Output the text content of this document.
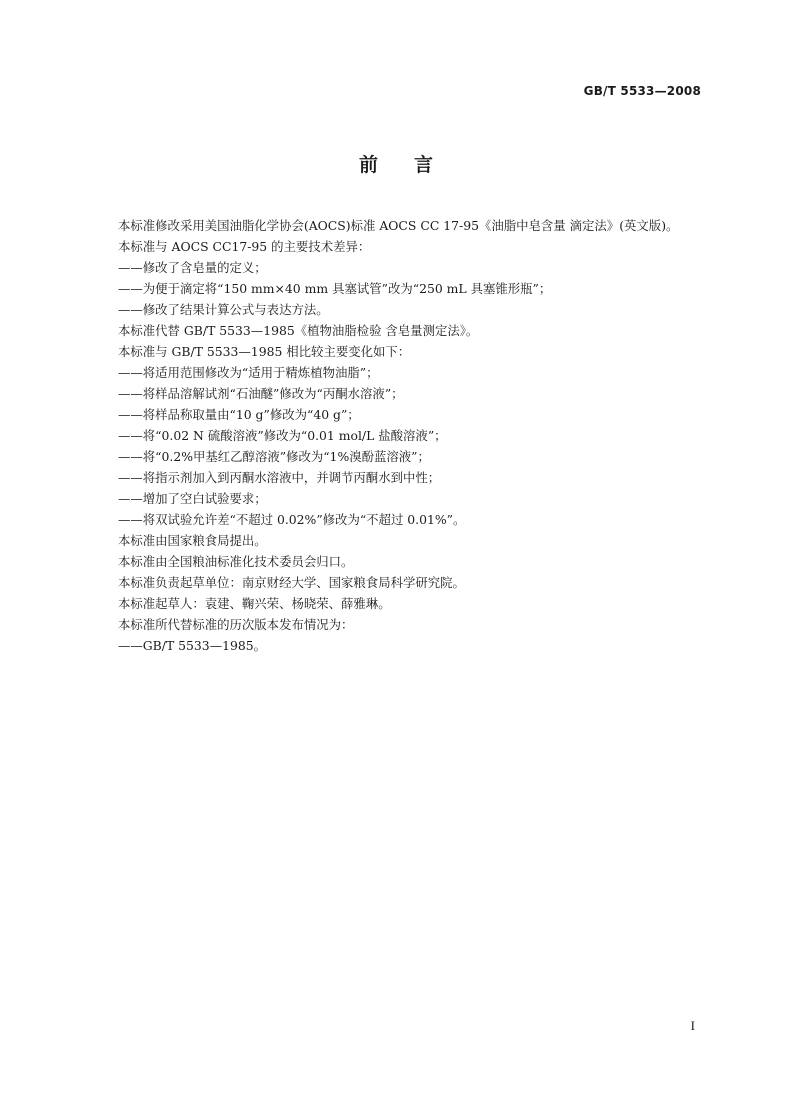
GB/T 5533—2008
前言

本标准修改采用美国油脂化学协会(AOCS)标准 AOCS CC 17-95《油脂中皂含量 滴定法》(英文版)。

本标准与 AOCS CC17-95 的主要技术差异：

——修改了含皂量的定义；

——为便于滴定将“150 mm×40 mm 具塞试管”改为“250 mL 具塞锥形瓶”；

——修改了结果计算公式与表达方法。

本标准代替 GB/T 5533—1985《植物油脂检验 含皂量测定法》。

本标准与 GB/T 5533—1985 相比较主要变化如下：

——将适用范围修改为“适用于精炼植物油脂”；

——将样品溶解试剂“石油醚”修改为“丙酮水溶液”；

——将样品称取量由“10 g”修改为“40 g”；

——将“0.02 N 硫酸溶液”修改为“0.01 mol/L 盐酸溶液”；

——将“0.2%甲基红乙醇溶液”修改为“1%溴酚蓝溶液”；

——将指示剂加入到丙酮水溶液中，并调节丙酮水到中性；

——增加了空白试验要求；

——将双试验允许差“不超过 0.02%”修改为“不超过 0.01%”。

本标准由国家粮食局提出。

本标准由全国粮油标准化技术委员会归口。

本标准负责起草单位：南京财经大学、国家粮食局科学研究院。

本标准起草人：袁建、鞠兴荣、杨晓荣、薛雅琳。

本标准所代替标准的历次版本发布情况为：

——GB/T 5533—1985。

I
